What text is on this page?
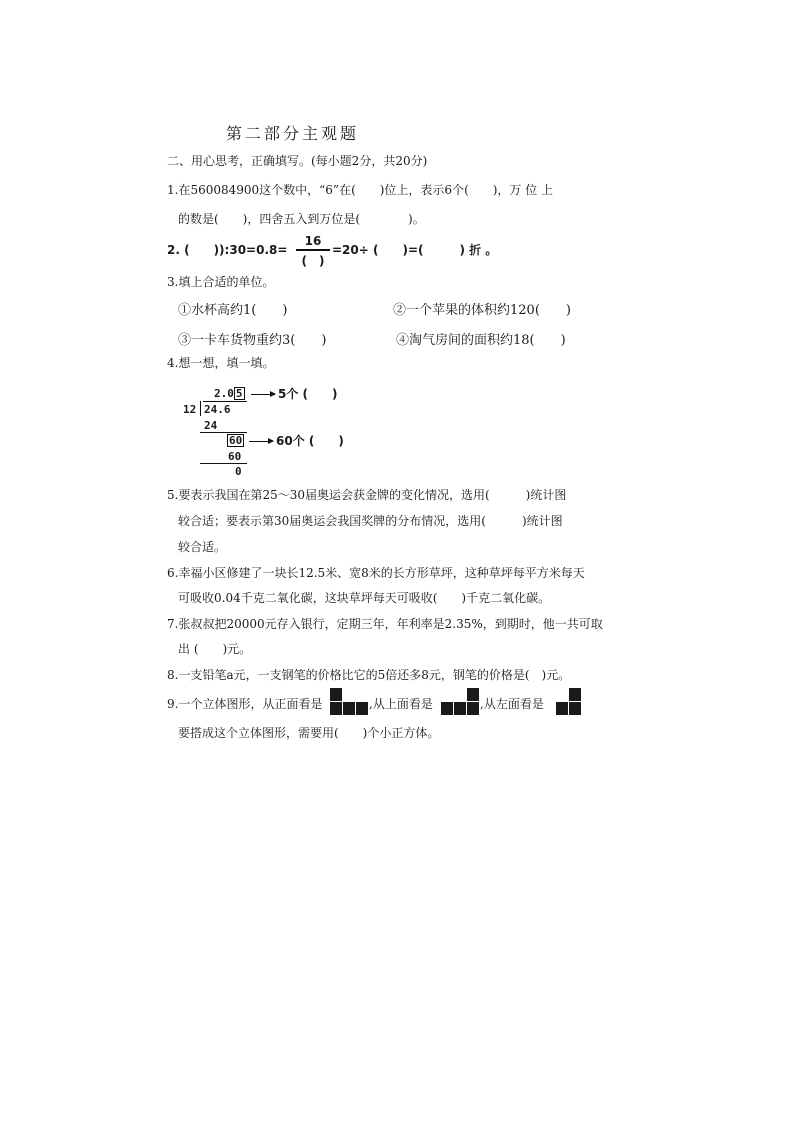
第二部分主观题
二、用心思考，正确填写。(每小题2分，共20分)
1.在560084900这个数中，“6”在(　　)位上，表示6个(　　)，万 位 上
的数是(　　)，四舍五入到万位是(　　　　)。
2. (　　)):30=0.8=
16
(　)
=20÷ (　　)=(　　　) 折 。
3.填上合适的单位。
①水杯高约1(　　)	②一个苹果的体积约120(　　)
③一卡车货物重约3(　　)	④淘气房间的面积约18(　　)
4.想一想，填一填。
2.0 5	5个 (　　)
12 24.6
24
60	60个 (　　)
60
0
5.要表示我国在第25～30届奥运会获金牌的变化情况，选用(　　　)统计图
较合适；要表示第30届奥运会我国奖牌的分布情况，选用(　　　)统计图
较合适。
6.幸福小区修建了一块长12.5米、宽8米的长方形草坪，这种草坪每平方米每天
可吸收0.04千克二氧化碳，这块草坪每天可吸收(　　)千克二氧化碳。
7.张叔叔把20000元存入银行，定期三年，年利率是2.35%，到期时，他一共可取
出 (　　)元。
8.一支铅笔a元，一支钢笔的价格比它的5倍还多8元，钢笔的价格是(　)元。
9.一个立体图形，从正面看是	,从上面看是	,从左面看是
要搭成这个立体图形，需要用(　　)个小正方体。
